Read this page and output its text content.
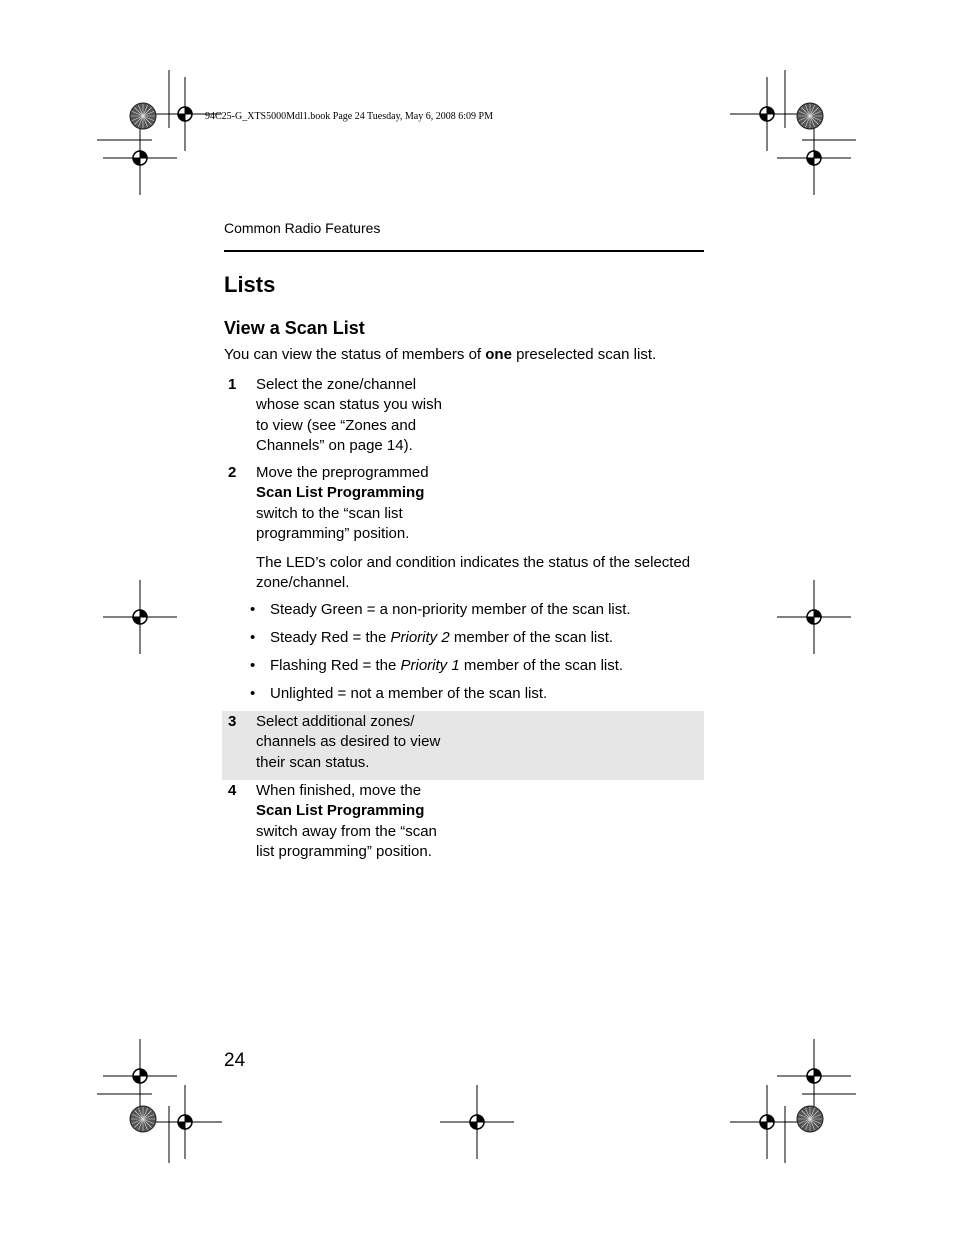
94C25-G_XTS5000Mdl1.book Page 24 Tuesday, May 6, 2008 6:09 PM
Common Radio Features
Lists
View a Scan List
You can view the status of members of one preselected scan list.
1 Select the zone/channel
whose scan status you wish
to view (see “Zones and
Channels” on page 14).
2 Move the preprogrammed
Scan List Programming
switch to the “scan list
programming” position.
The LED’s color and condition indicates the status of the selected zone/channel.
• Steady Green = a non-priority member of the scan list.
• Steady Red = the Priority 2 member of the scan list.
• Flashing Red = the Priority 1 member of the scan list.
• Unlighted = not a member of the scan list.
3 Select additional zones/
channels as desired to view
their scan status.
4 When finished, move the
Scan List Programming
switch away from the “scan
list programming” position.
24
